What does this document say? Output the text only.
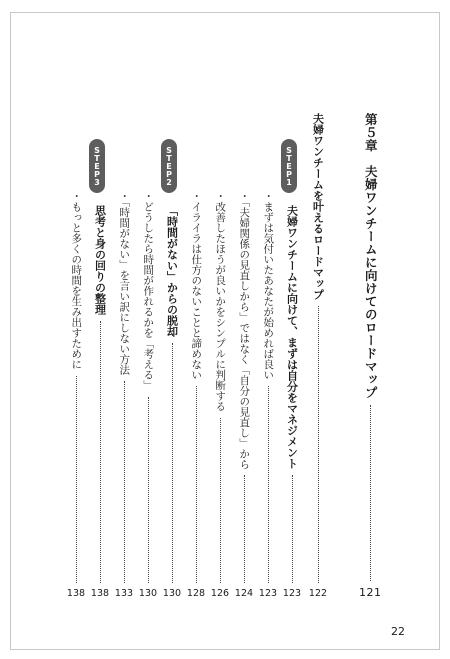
第５章　夫婦ワンチームに向けてのロードマップ
121
夫婦ワンチームを叶えるロードマップ
122
STEP1
夫婦ワンチームに向けて、まずは自分をマネジメント
123
・ まずは気付いたあなたが始めれば良い
123
・ 「夫婦関係の見直しから」ではなく「自分の見直し」から
124
・ 改善したほうが良いかをシンプルに判断する
126
・ イライラは仕方のないことと諦めない
128
STEP2
「時間がない」からの脱却
130
・ どうしたら時間が作れるかを「考える」
130
・ 「時間がない」を言い訳にしない方法
133
STEP3
思考と身の回りの整理
138
・ もっと多くの時間を生み出すために
138
22
